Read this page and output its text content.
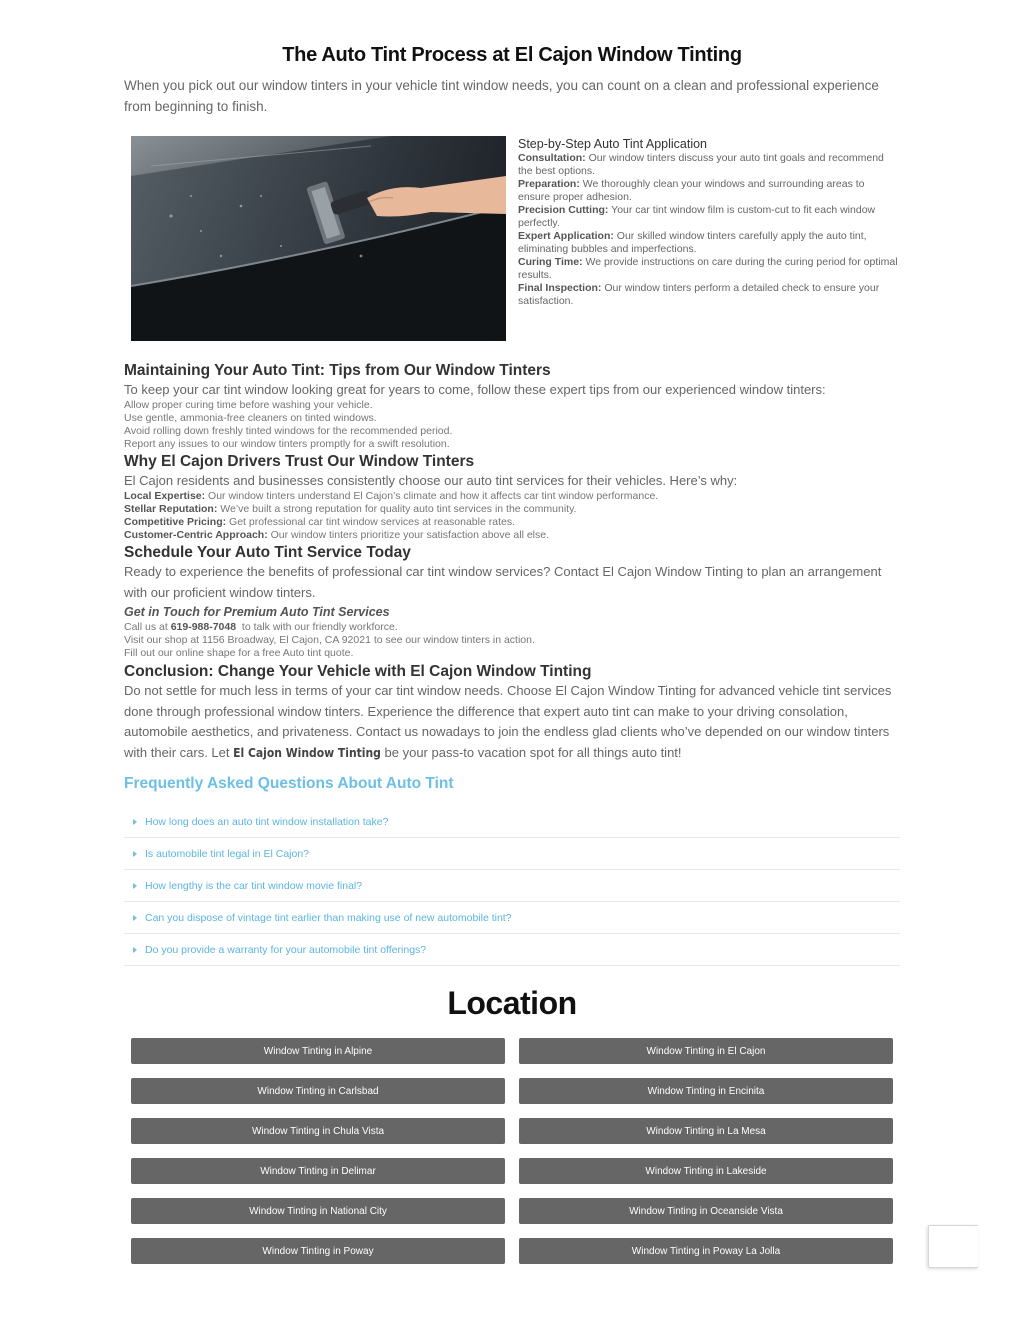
The Auto Tint Process at El Cajon Window Tinting

When you pick out our window tinters in your vehicle tint window needs, you can count on a clean and professional experience from beginning to finish.

Step-by-Step Auto Tint Application
Consultation: Our window tinters discuss your auto tint goals and recommend the best options.
Preparation: We thoroughly clean your windows and surrounding areas to ensure proper adhesion.
Precision Cutting: Your car tint window film is custom-cut to fit each window perfectly.
Expert Application: Our skilled window tinters carefully apply the auto tint, eliminating bubbles and imperfections.
Curing Time: We provide instructions on care during the curing period for optimal results.
Final Inspection: Our window tinters perform a detailed check to ensure your satisfaction.
Maintaining Your Auto Tint: Tips from Our Window Tinters

To keep your car tint window looking great for years to come, follow these expert tips from our experienced window tinters:

Allow proper curing time before washing your vehicle.
Use gentle, ammonia-free cleaners on tinted windows.
Avoid rolling down freshly tinted windows for the recommended period.
Report any issues to our window tinters promptly for a swift resolution.
Why El Cajon Drivers Trust Our Window Tinters

El Cajon residents and businesses consistently choose our auto tint services for their vehicles. Here’s why:

Local Expertise: Our window tinters understand El Cajon’s climate and how it affects car tint window performance.
Stellar Reputation: We’ve built a strong reputation for quality auto tint services in the community.
Competitive Pricing: Get professional car tint window services at reasonable rates.
Customer-Centric Approach: Our window tinters prioritize your satisfaction above all else.
Schedule Your Auto Tint Service Today

Ready to experience the benefits of professional car tint window services? Contact El Cajon Window Tinting to plan an arrangement with our proficient window tinters.

Get in Touch for Premium Auto Tint Services
Call us at 619-988-7048  to talk with our friendly workforce.
Visit our shop at 1156 Broadway, El Cajon, CA 92021 to see our window tinters in action.
Fill out our online shape for a free Auto tint quote.
Conclusion: Change Your Vehicle with El Cajon Window Tinting

Do not settle for much less in terms of your car tint window needs. Choose El Cajon Window Tinting for advanced vehicle tint services done through professional window tinters. Experience the difference that expert auto tint can make to your driving consolation, automobile aesthetics, and privateness. Contact us nowadays to join the endless glad clients who’ve depended on our window tinters with their cars. Let El Cajon Window Tinting be your pass-to vacation spot for all things auto tint!

Frequently Asked Questions About Auto Tint
How long does an auto tint window installation take?
Is automobile tint legal in El Cajon?
How lengthy is the car tint window movie final?
Can you dispose of vintage tint earlier than making use of new automobile tint?
Do you provide a warranty for your automobile tint offerings?
Location
Window Tinting in Alpine	Window Tinting in El Cajon
Window Tinting in Carlsbad	Window Tinting in Encinita
Window Tinting in Chula Vista	Window Tinting in La Mesa
Window Tinting in Delimar	Window Tinting in Lakeside
Window Tinting in National City	Window Tinting in Oceanside Vista
Window Tinting in Poway	Window Tinting in Poway La Jolla
